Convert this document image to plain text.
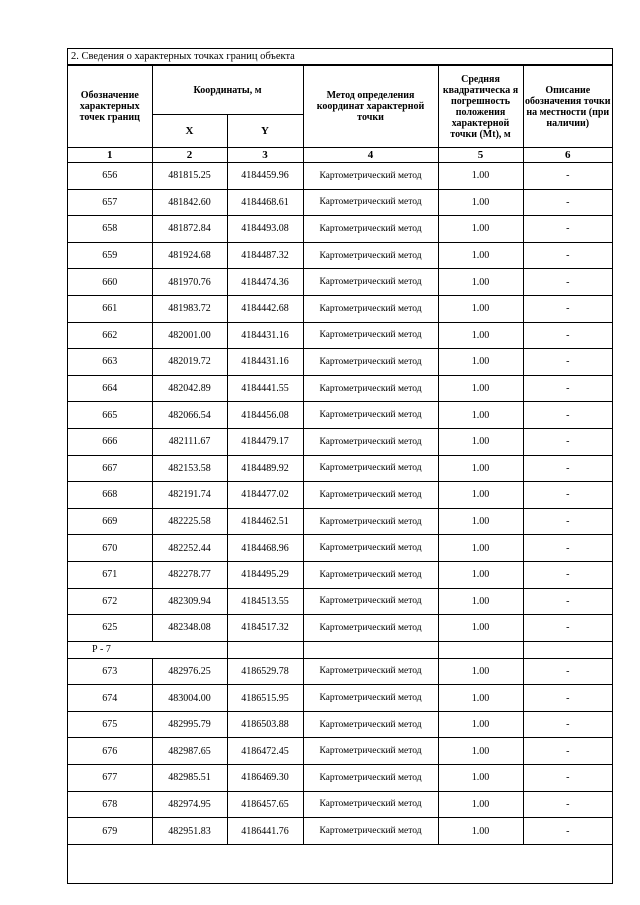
2. Сведения о характерных точках границ объекта
Обозначение характерных точек границ	Координаты, м		Метод определения координат характерной точки	Средняя квадратическа я погрешность положения характерной точки (Mt), м	Описание обозначения точки на местности (при наличии)
	X	Y			
1	2	3	4	5	6
656	481815.25	4184459.96	Картометрический метод	1.00	-
657	481842.60	4184468.61	Картометрический метод	1.00	-
658	481872.84	4184493.08	Картометрический метод	1.00	-
659	481924.68	4184487.32	Картометрический метод	1.00	-
660	481970.76	4184474.36	Картометрический метод	1.00	-
661	481983.72	4184442.68	Картометрический метод	1.00	-
662	482001.00	4184431.16	Картометрический метод	1.00	-
663	482019.72	4184431.16	Картометрический метод	1.00	-
664	482042.89	4184441.55	Картометрический метод	1.00	-
665	482066.54	4184456.08	Картометрический метод	1.00	-
666	482111.67	4184479.17	Картометрический метод	1.00	-
667	482153.58	4184489.92	Картометрический метод	1.00	-
668	482191.74	4184477.02	Картометрический метод	1.00	-
669	482225.58	4184462.51	Картометрический метод	1.00	-
670	482252.44	4184468.96	Картометрический метод	1.00	-
671	482278.77	4184495.29	Картометрический метод	1.00	-
672	482309.94	4184513.55	Картометрический метод	1.00	-
625	482348.08	4184517.32	Картометрический метод	1.00	-
Р - 7					
673	482976.25	4186529.78	Картометрический метод	1.00	-
674	483004.00	4186515.95	Картометрический метод	1.00	-
675	482995.79	4186503.88	Картометрический метод	1.00	-
676	482987.65	4186472.45	Картометрический метод	1.00	-
677	482985.51	4186469.30	Картометрический метод	1.00	-
678	482974.95	4186457.65	Картометрический метод	1.00	-
679	482951.83	4186441.76	Картометрический метод	1.00	-
